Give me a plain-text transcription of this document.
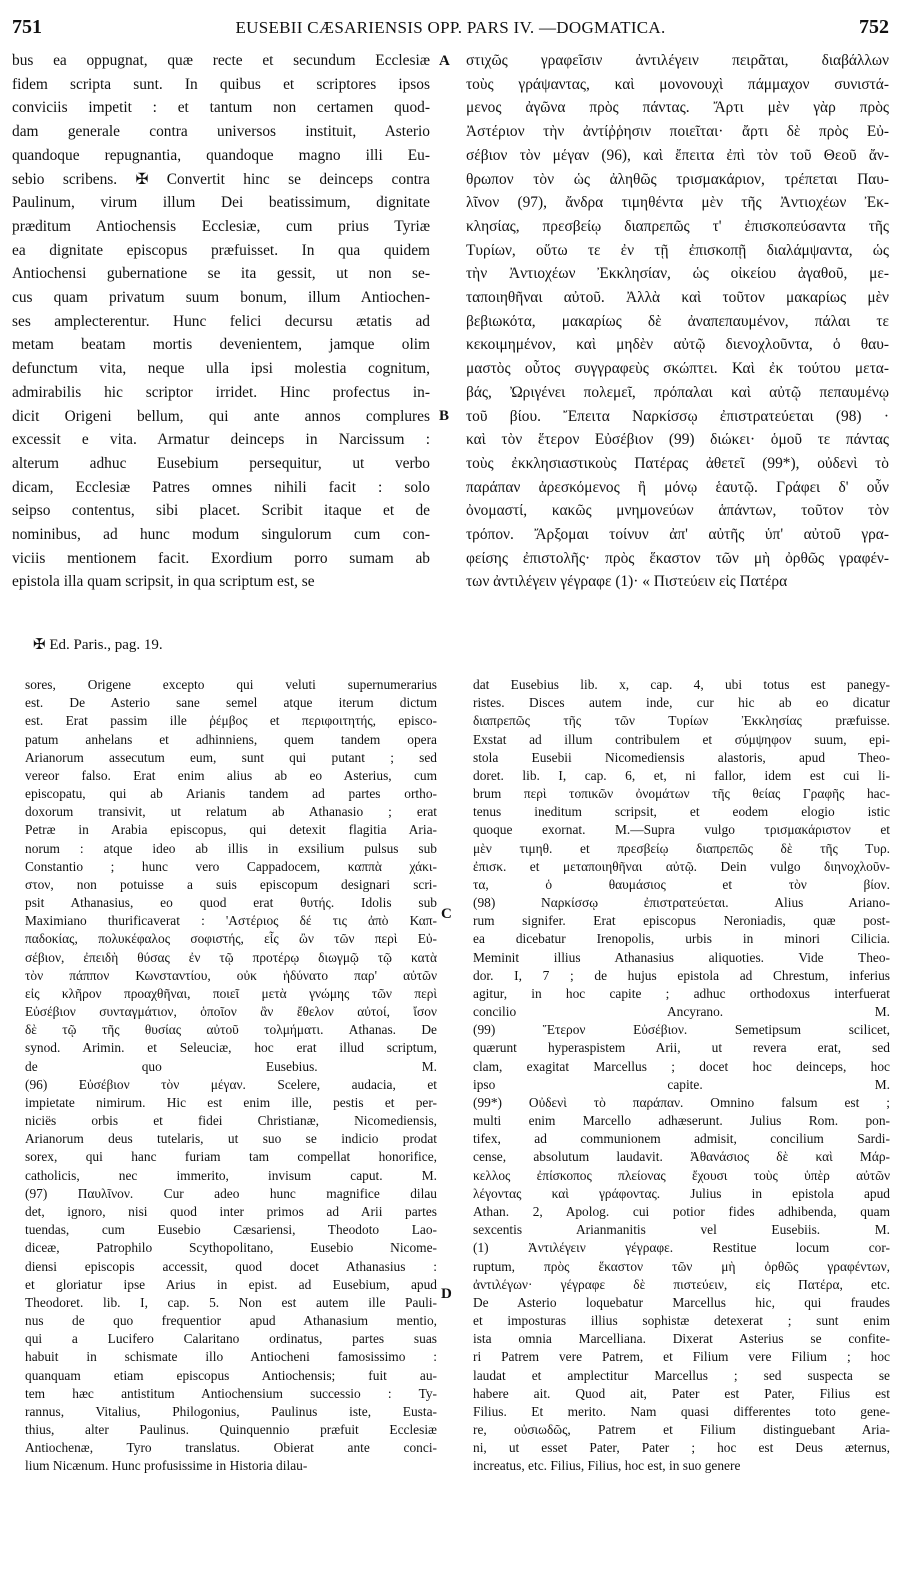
751	EUSEBII CÆSARIENSIS OPP. PARS IV. —DOGMATICA.	752
bus ea oppugnat, quæ recte et secundum Ecclesiæ
fidem scripta sunt. In quibus et scriptores ipsos
conviciis impetit : et tantum non certamen quod-
dam generale contra universos instituit, Asterio
quandoque repugnantia, quandoque magno illi Eu-
sebio scribens. ✠ Convertit hinc se deinceps contra
Paulinum, virum illum Dei beatissimum, dignitate
præditum Antiochensis Ecclesiæ, cum prius Tyriæ
ea dignitate episcopus præfuisset. In qua quidem
Antiochensi gubernatione se ita gessit, ut non se-
cus quam privatum suum bonum, illum Antiochen-
ses amplecterentur. Hunc felici decursu ætatis ad
metam beatam mortis devenientem, jamque olim
defunctum vita, neque ulla ipsi molestia cognitum,
admirabilis hic scriptor irridet. Hinc profectus in-
dicit Origeni bellum, qui ante annos complures
excessit e vita. Armatur deinceps in Narcissum :
alterum adhuc Eusebium persequitur, ut verbo
dicam, Ecclesiæ Patres omnes nihili facit : solo
seipso contentus, sibi placet. Scribit itaque et de
nominibus, ad hunc modum singulorum cum con-
viciis mentionem facit. Exordium porro sumam ab
epistola illa quam scripsit, in qua scriptum est, se
στιχῶς γραφεῖσιν ἀντιλέγειν πειρᾶται, διαβάλλων
τοὺς γράψαντας, καὶ μονονουχὶ πάμμαχον συνιστά-
μενος ἀγῶνα πρὸς πάντας. Ἄρτι μὲν γὰρ πρὸς
Ἀστέριον τὴν ἀντίῤῥησιν ποιεῖται· ἄρτι δὲ πρὸς Εὐ-
σέβιον τὸν μέγαν (96), καὶ ἔπειτα ἐπὶ τὸν τοῦ Θεοῦ ἄν-
θρωπον τὸν ὡς ἀληθῶς τρισμακάριον, τρέπεται Παυ-
λῖνον (97), ἄνδρα τιμηθέντα μὲν τῆς Ἀντιοχέων Ἐκ-
κλησίας, πρεσβείῳ διαπρεπῶς τ' ἐπισκοπεύσαντα τῆς
Τυρίων, οὕτω τε ἐν τῇ ἐπισκοπῇ διαλάμψαντα, ὡς
τὴν Ἀντιοχέων Ἐκκλησίαν, ὡς οἰκείου ἀγαθοῦ, με-
ταποιηθῆναι αὐτοῦ. Ἀλλὰ καὶ τοῦτον μακαρίως μὲν
βεβιωκότα, μακαρίως δὲ ἀναπεπαυμένον, πάλαι τε
κεκοιμημένον, καὶ μηδὲν αὐτῷ διενοχλοῦντα, ὁ θαυ-
μαστὸς οὗτος συγγραφεὺς σκώπτει. Καὶ ἐκ τούτου μετα-
βάς, Ὠριγένει πολεμεῖ, πρόπαλαι καὶ αὐτῷ πεπαυμένῳ
τοῦ βίου. Ἔπειτα Ναρκίσσῳ ἐπιστρατεύεται (98) ·
καὶ τὸν ἕτερον Εὐσέβιον (99) διώκει· ὁμοῦ τε πάντας
τοὺς ἐκκλησιαστικοὺς Πατέρας ἀθετεῖ (99*), οὐδενὶ τὸ
παράπαν ἀρεσκόμενος ἢ μόνῳ ἑαυτῷ. Γράφει δ' οὖν
ὀνομαστί, κακῶς μνημονεύων ἁπάντων, τοῦτον τὸν
τρόπον. Ἄρξομαι τοίνυν ἀπ' αὐτῆς ὑπ' αὐτοῦ γρα-
φείσης ἐπιστολῆς· πρὸς ἕκαστον τῶν μὴ ὀρθῶς γραφέν-
των ἀντιλέγειν γέγραφε (1)· « Πιστεύειν εἰς Πατέρα
A
B
✠ Ed. Paris., pag. 19.
sores, Origene excepto qui veluti supernumerarius
est. De Asterio sane semel atque iterum dictum
est. Erat passim ille ῥέμβος et περιφοιτητής, episco-
patum anhelans et adhinniens, quem tandem opera
Arianorum assecutum eum, sunt qui putant ; sed
vereor falso. Erat enim alius ab eo Asterius, cum
episcopatu, qui ab Arianis tandem ad partes ortho-
doxorum transivit, ut relatum ab Athanasio ; erat
Petræ in Arabia episcopus, qui detexit flagitia Aria-
norum : atque ideo ab illis in exsilium pulsus sub
Constantio ; hunc vero Cappadocem, καππὰ χάκι-
στον, non potuisse a suis episcopum designari scri-
psit Athanasius, eo quod erat θυτής. Idolis sub
Maximiano thurificaverat : 'Αστέριος δέ τις ἀπὸ Καπ-
παδοκίας, πολυκέφαλος σοφιστής, εἷς ὢν τῶν περὶ Εὐ-
σέβιον, ἐπειδὴ θύσας ἐν τῷ προτέρῳ διωγμῷ τῷ κατὰ
τὸν πάππον Κωνσταντίου, οὐκ ἠδύνατο παρ' αὐτῶν
εἰς κλῆρον προαχθῆναι, ποιεῖ μετὰ γνώμης τῶν περὶ
Εὐσέβιον συνταγμάτιον, ὁποῖον ἂν ἔθελον αὐτοί, ἴσον
δὲ τῷ τῆς θυσίας αὐτοῦ τολμήματι. Athanas. De
synod. Arimin. et Seleuciæ, hoc erat illud scriptum,
de quo Eusebius. M.
(96) Εὐσέβιον τὸν μέγαν. Scelere, audacia, et
impietate nimirum. Hic est enim ille, pestis et per-
niciës orbis et fidei Christianæ, Nicomediensis,
Arianorum deus tutelaris, ut suo se indicio prodat
sorex, qui hanc furiam tam compellat honorifice,
catholicis, nec immerito, invisum caput. M.
(97) Παυλῖνον. Cur adeo hunc magnifice dilau
det, ignoro, nisi quod inter primos ad Arii partes
tuendas, cum Eusebio Cæsariensi, Theodoto Lao-
diceæ, Patrophilo Scythopolitano, Eusebio Nicome-
diensi episcopis accessit, quod docet Athanasius :
et gloriatur ipse Arius in epist. ad Eusebium, apud
Theodoret. lib. I, cap. 5. Non est autem ille Pauli-
nus de quo frequentior apud Athanasium mentio,
qui a Lucifero Calaritano ordinatus, partes suas
habuit in schismate illo Antiocheni famosissimo :
quanquam etiam episcopus Antiochensis; fuit au-
tem hæc antistitum Antiochensium successio : Ty-
rannus, Vitalius, Philogonius, Paulinus iste, Eusta-
thius, alter Paulinus. Quinquennio præfuit Ecclesiæ
Antiochenæ, Tyro translatus. Obierat ante conci-
lium Nicænum. Hunc profusissime in Historia dilau-
dat Eusebius lib. x, cap. 4, ubi totus est panegy-
ristes. Disces autem inde, cur hic ab eo dicatur
διαπρεπῶς τῆς τῶν Τυρίων Ἐκκλησίας præfuisse.
Exstat ad illum contribulem et σύμψηφον suum, epi-
stola Eusebii Nicomediensis alastoris, apud Theo-
doret. lib. I, cap. 6, et, ni fallor, idem est cui li-
brum περὶ τοπικῶν ὀνομάτων τῆς θείας Γραφῆς hac-
tenus ineditum scripsit, et eodem elogio istic
quoque exornat. M.—Supra vulgo τρισμακάριστον et
μὲν τιμηθ. et πρεσβείῳ διαπρεπῶς δὲ τῆς Τυρ.
ἐπισκ. et μεταποιηθῆναι αὐτῷ. Dein vulgo διηνοχλοῦν-
τα, ὁ θαυμάσιος et τὸν βίον.
(98) Ναρκίσσῳ ἐπιστρατεύεται. Alius Ariano-
rum signifer. Erat episcopus Neroniadis, quæ post-
ea dicebatur Irenopolis, urbis in minori Cilicia.
Meminit illius Athanasius aliquoties. Vide Theo-
dor. I, 7 ; de hujus epistola ad Chrestum, inferius
agitur, in hoc capite ; adhuc orthodoxus interfuerat
concilio Ancyrano. M.
(99) Ἕτερον Εὐσέβιον. Semetipsum scilicet,
quærunt hyperaspistem Arii, ut revera erat, sed
clam, exagitat Marcellus ; docet hoc deinceps, hoc
ipso capite. M.
(99*) Οὐδενὶ τὸ παράπαν. Omnino falsum est ;
multi enim Marcello adhæserunt. Julius Rom. pon-
tifex, ad communionem admisit, concilium Sardi-
cense, absolutum laudavit. Ἀθανάσιος δὲ καὶ Μάρ-
κελλος ἐπίσκοπος πλείονας ἔχουσι τοὺς ὑπὲρ αὐτῶν
λέγοντας καὶ γράφοντας. Julius in epistola apud
Athan. 2, Apolog. cui potior fides adhibenda, quam
sexcentis Arianmanitis vel Eusebiis. M.
(1) Ἀντιλέγειν γέγραφε. Restitue locum cor-
ruptum, πρὸς ἕκαστον τῶν μὴ ὀρθῶς γραφέντων,
ἀντιλέγων· γέγραφε δὲ πιστεύειν, εἰς Πατέρα, etc.
De Asterio loquebatur Marcellus hic, qui fraudes
et imposturas illius sophistæ detexerat ; sunt enim
ista omnia Marcelliana. Dixerat Asterius se confite-
ri Patrem vere Patrem, et Filium vere Filium ; hoc
laudat et amplectitur Marcellus ; sed suspecta se
habere ait. Quod ait, Pater est Pater, Filius est
Filius. Et merito. Nam quasi differentes toto gene-
re, οὐσιωδῶς, Patrem et Filium distinguebant Aria-
ni, ut esset Pater, Pater ; hoc est Deus æternus,
increatus, etc. Filius, Filius, hoc est, in suo genere
C
D
